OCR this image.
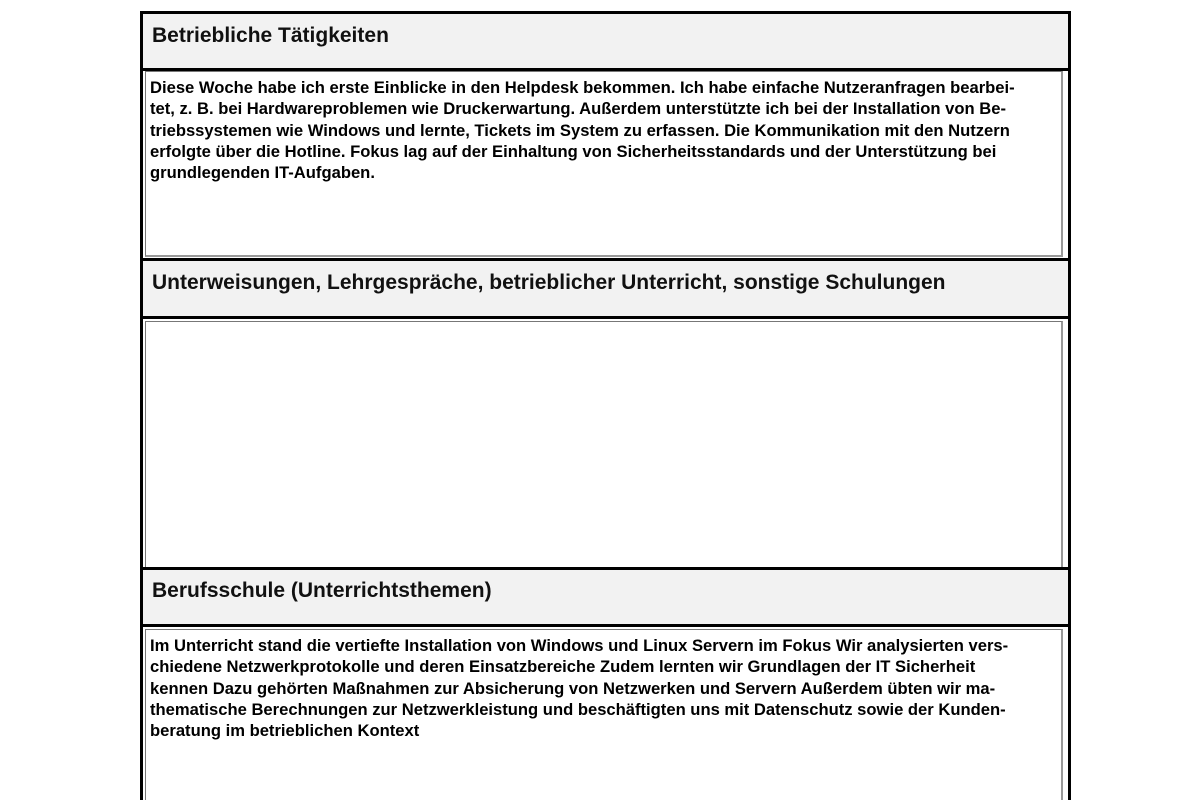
Betriebliche Tätigkeiten
Diese Woche habe ich erste Einblicke in den Helpdesk bekommen. Ich habe einfache Nutzeranfragen bearbei-
tet, z. B. bei Hardwareproblemen wie Druckerwartung. Außerdem unterstützte ich bei der Installation von Be-
triebssystemen wie Windows und lernte, Tickets im System zu erfassen. Die Kommunikation mit den Nutzern
erfolgte über die Hotline. Fokus lag auf der Einhaltung von Sicherheitsstandards und der Unterstützung bei
grundlegenden IT-Aufgaben.
Unterweisungen, Lehrgespräche, betrieblicher Unterricht, sonstige Schulungen
Berufsschule (Unterrichtsthemen)
Im Unterricht stand die vertiefte Installation von Windows und Linux Servern im Fokus Wir analysierten vers-
chiedene Netzwerkprotokolle und deren Einsatzbereiche Zudem lernten wir Grundlagen der IT Sicherheit
kennen Dazu gehörten Maßnahmen zur Absicherung von Netzwerken und Servern Außerdem übten wir ma-
thematische Berechnungen zur Netzwerkleistung und beschäftigten uns mit Datenschutz sowie der Kunden-
beratung im betrieblichen Kontext
